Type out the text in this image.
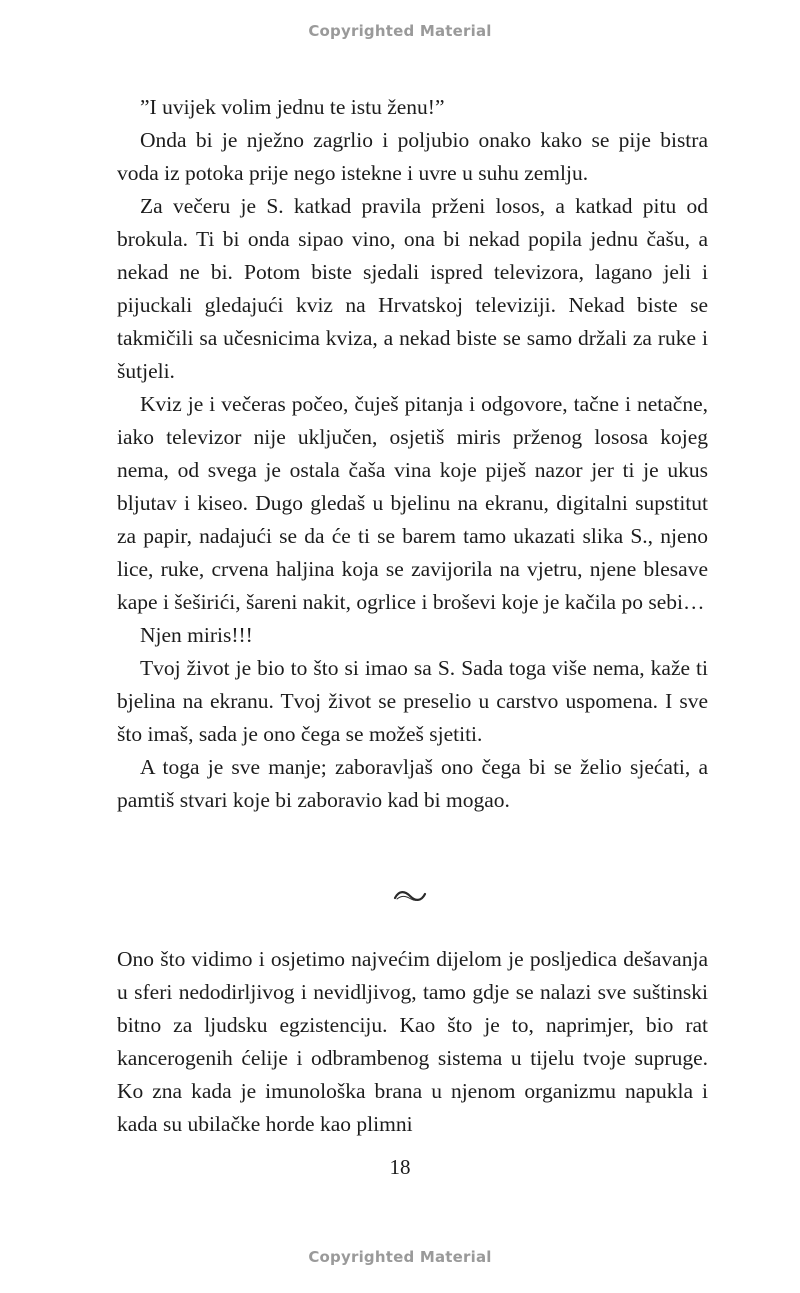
Copyrighted Material

”I uvijek volim jednu te istu ženu!”

Onda bi je nježno zagrlio i poljubio onako kako se pije bistra voda iz potoka prije nego istekne i uvre u suhu zemlju.

Za večeru je S. katkad pravila prženi losos, a katkad pitu od brokula. Ti bi onda sipao vino, ona bi nekad popila jednu čašu, a nekad ne bi. Potom biste sjedali ispred televizora, lagano jeli i pijuckali gledajući kviz na Hrvatskoj televiziji. Nekad biste se takmičili sa učesnicima kviza, a nekad biste se samo držali za ruke i šutjeli.

Kviz je i večeras počeo, čuješ pitanja i odgovore, tačne i netačne, iako televizor nije uključen, osjetiš miris prženog lososa kojeg nema, od svega je ostala čaša vina koje piješ nazor jer ti je ukus bljutav i kiseo. Dugo gledaš u bjelinu na ekranu, digitalni supstitut za papir, nadajući se da će ti se barem tamo ukazati slika S., njeno lice, ruke, crvena haljina koja se zavijorila na vjetru, njene blesave kape i šeširići, šareni nakit, ogrlice i broševi koje je kačila po sebi…

Njen miris!!!

Tvoj život je bio to što si imao sa S. Sada toga više nema, kaže ti bjelina na ekranu. Tvoj život se preselio u carstvo uspomena. I sve što imaš, sada je ono čega se možeš sjetiti.

A toga je sve manje; zaboravljaš ono čega bi se želio sjećati, a pamtiš stvari koje bi zaboravio kad bi mogao.

Ono što vidimo i osjetimo najvećim dijelom je posljedica dešavanja u sferi nedodirljivog i nevidljivog, tamo gdje se nalazi sve suštinski bitno za ljudsku egzistenciju. Kao što je to, naprimjer, bio rat kancerogenih ćelije i odbrambenog sistema u tijelu tvoje supruge. Ko zna kada je imunološka brana u njenom organizmu napukla i kada su ubilačke horde kao plimni

18
Copyrighted Material
